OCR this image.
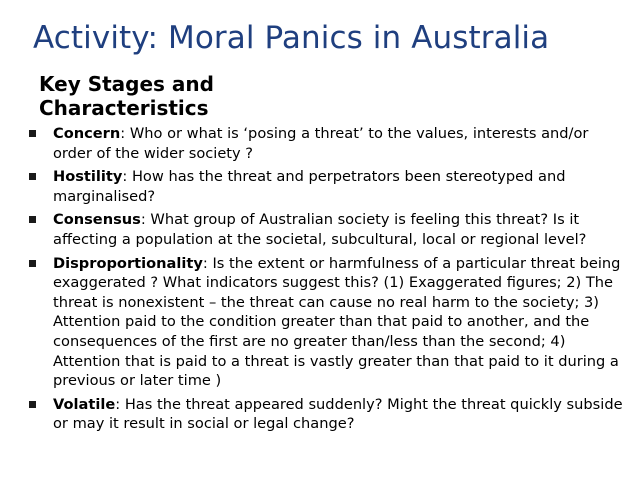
Activity: Moral Panics in Australia
Key Stages and
Characteristics
Concern: Who or what is ‘posing a threat’ to the values, interests and/or order of the wider society ?
Hostility: How has the threat and perpetrators been stereotyped and marginalised?
Consensus: What group of Australian society is feeling this threat? Is it affecting a population at the societal, subcultural, local or regional level?
Disproportionality: Is the extent or harmfulness of a particular threat being exaggerated ? What indicators suggest this? (1) Exaggerated figures; 2) The threat is nonexistent – the threat can cause no real harm to the society; 3) Attention paid to the condition greater than that paid to another, and the consequences of the first are no greater than/less than the second; 4) Attention that is paid to a threat is vastly greater than that paid to it during a previous or later time )
Volatile: Has the threat appeared suddenly? Might the threat quickly subside or may it result in social or legal change?
